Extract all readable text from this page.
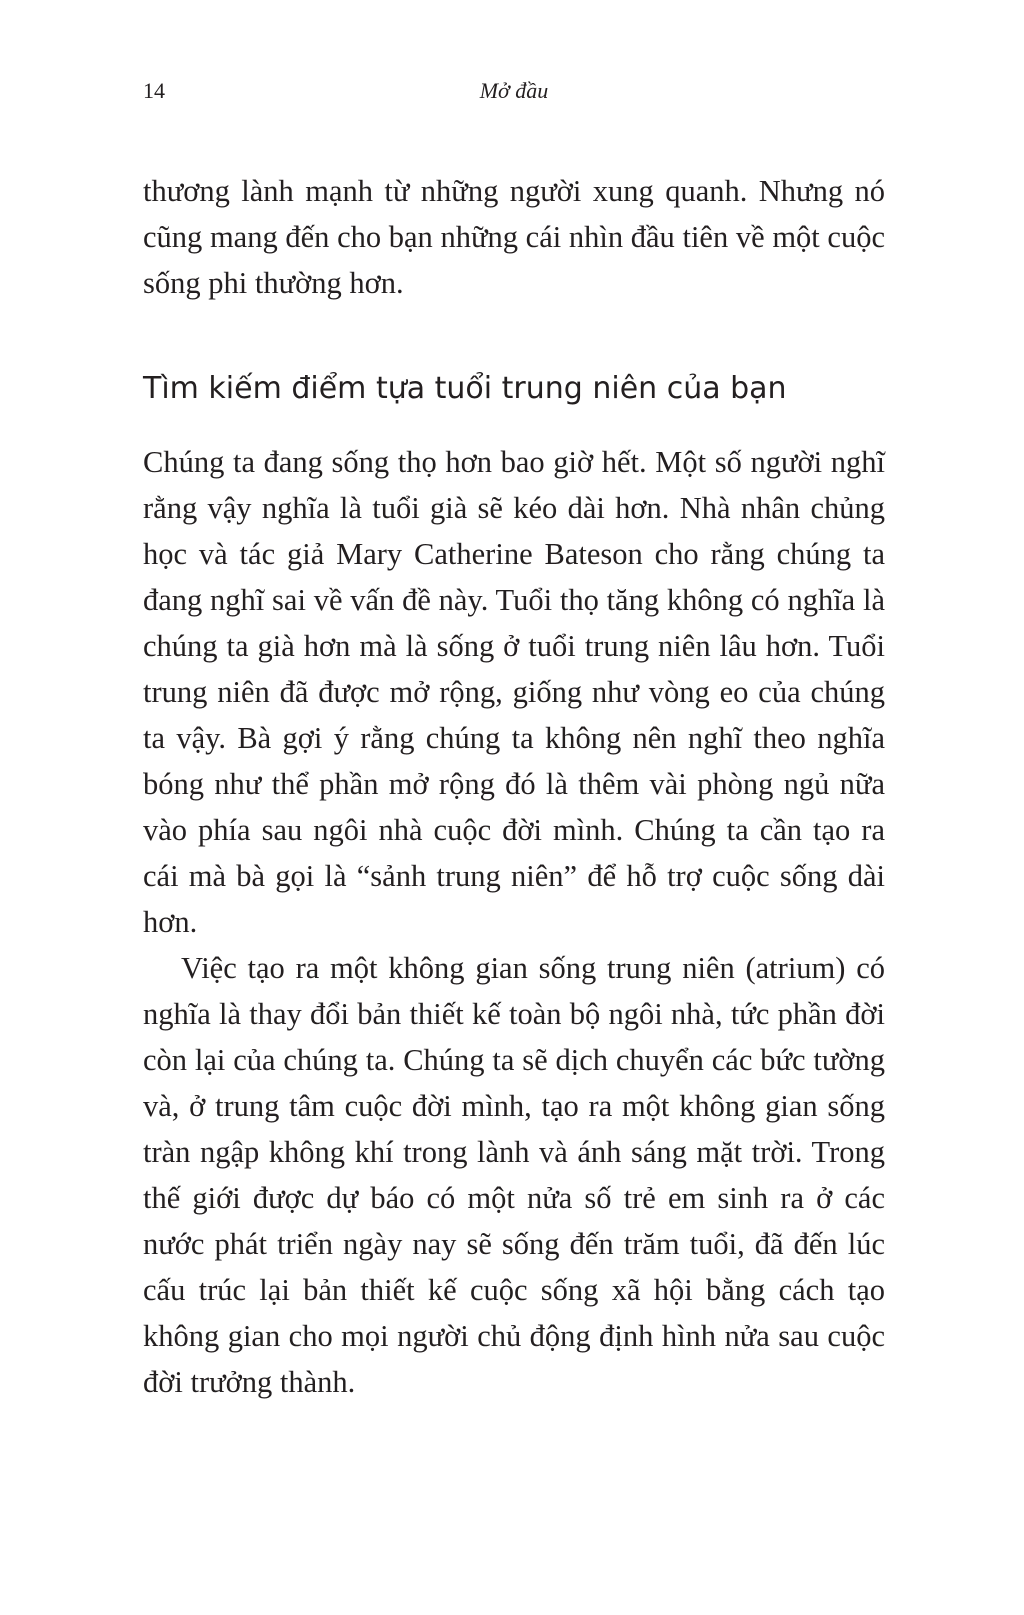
14	Mở đầu

thương lành mạnh từ những người xung quanh. Nhưng nó cũng mang đến cho bạn những cái nhìn đầu tiên về một cuộc sống phi thường hơn.

Tìm kiếm điểm tựa tuổi trung niên của bạn

Chúng ta đang sống thọ hơn bao giờ hết. Một số người nghĩ rằng vậy nghĩa là tuổi già sẽ kéo dài hơn. Nhà nhân chủng học và tác giả Mary Catherine Bateson cho rằng chúng ta đang nghĩ sai về vấn đề này. Tuổi thọ tăng không có nghĩa là chúng ta già hơn mà là sống ở tuổi trung niên lâu hơn. Tuổi trung niên đã được mở rộng, giống như vòng eo của chúng ta vậy. Bà gợi ý rằng chúng ta không nên nghĩ theo nghĩa bóng như thể phần mở rộng đó là thêm vài phòng ngủ nữa vào phía sau ngôi nhà cuộc đời mình. Chúng ta cần tạo ra cái mà bà gọi là “sảnh trung niên” để hỗ trợ cuộc sống dài hơn.

Việc tạo ra một không gian sống trung niên (atrium) có nghĩa là thay đổi bản thiết kế toàn bộ ngôi nhà, tức phần đời còn lại của chúng ta. Chúng ta sẽ dịch chuyển các bức tường và, ở trung tâm cuộc đời mình, tạo ra một không gian sống tràn ngập không khí trong lành và ánh sáng mặt trời. Trong thế giới được dự báo có một nửa số trẻ em sinh ra ở các nước phát triển ngày nay sẽ sống đến trăm tuổi, đã đến lúc cấu trúc lại bản thiết kế cuộc sống xã hội bằng cách tạo không gian cho mọi người chủ động định hình nửa sau cuộc đời trưởng thành.
